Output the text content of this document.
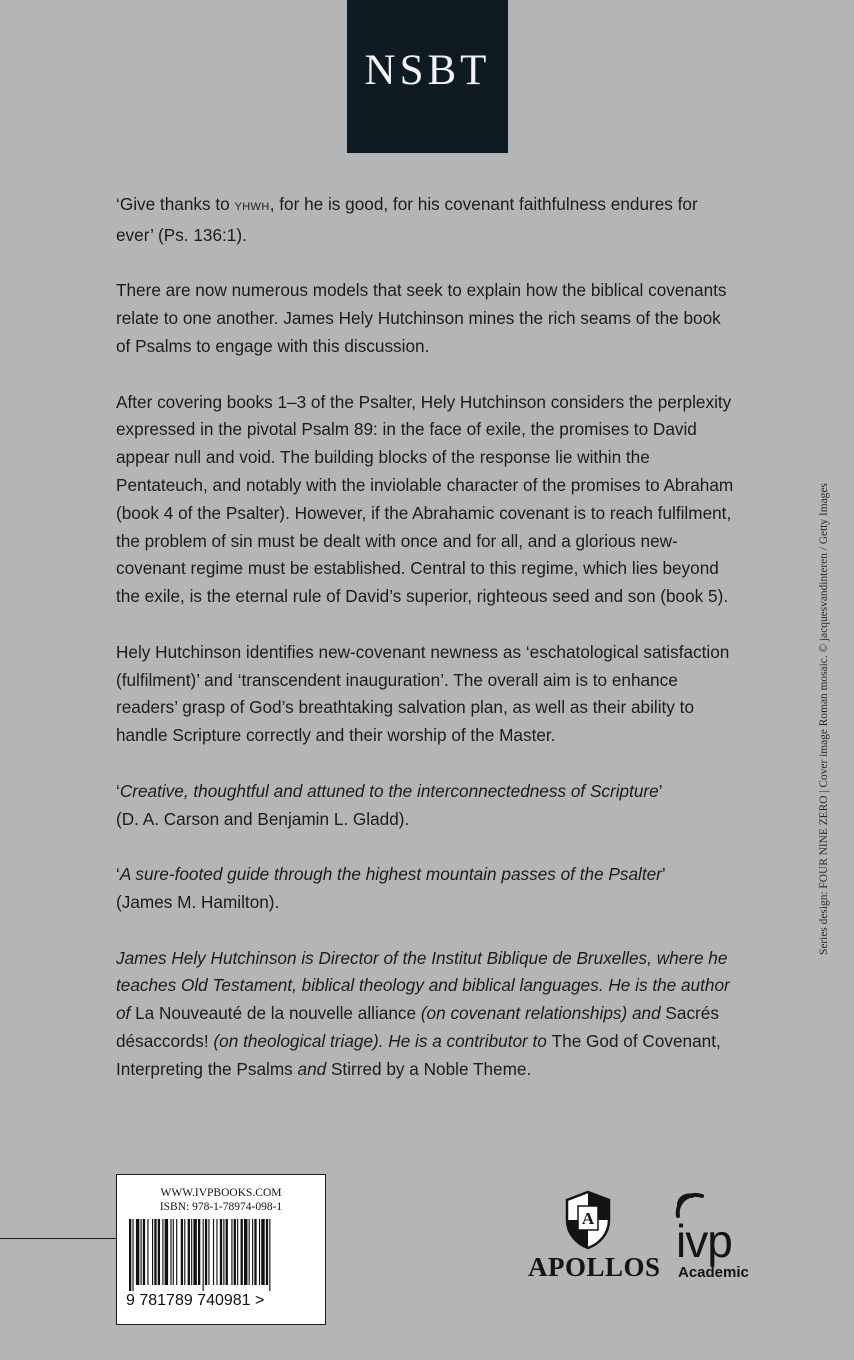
NSBT

‘Give thanks to YHWH, for he is good, for his covenant faithfulness endures for ever’ (Ps. 136:1).

There are now numerous models that seek to explain how the biblical covenants relate to one another. James Hely Hutchinson mines the rich seams of the book of Psalms to engage with this discussion.

After covering books 1–3 of the Psalter, Hely Hutchinson considers the perplexity expressed in the pivotal Psalm 89: in the face of exile, the promises to David appear null and void. The building blocks of the response lie within the Pentateuch, and notably with the inviolable character of the promises to Abraham (book 4 of the Psalter). However, if the Abrahamic covenant is to reach fulfilment, the problem of sin must be dealt with once and for all, and a glorious new-covenant regime must be established. Central to this regime, which lies beyond the exile, is the eternal rule of David’s superior, righteous seed and son (book 5).

Hely Hutchinson identifies new-covenant newness as ‘eschatological satisfaction (fulfilment)’ and ‘transcendent inauguration’. The overall aim is to enhance readers’ grasp of God’s breathtaking salvation plan, as well as their ability to handle Scripture correctly and their worship of the Master.

‘Creative, thoughtful and attuned to the interconnectedness of Scripture’
(D. A. Carson and Benjamin L. Gladd).

‘A sure-footed guide through the highest mountain passes of the Psalter’
(James M. Hamilton).

James Hely Hutchinson is Director of the Institut Biblique de Bruxelles, where he teaches Old Testament, biblical theology and biblical languages. He is the author of La Nouveauté de la nouvelle alliance (on covenant relationships) and Sacrés désaccords! (on theological triage). He is a contributor to The God of Covenant, Interpreting the Psalms and Stirred by a Noble Theme.

Series design: FOUR NINE ZERO | Cover image Roman mosaic. © jacquesvandinteren / Getty Images
WWW.IVPBOOKS.COM
ISBN: 978-1-78974-098-1
9 781789 740981 >
A
APOLLOS ivp
Academic
